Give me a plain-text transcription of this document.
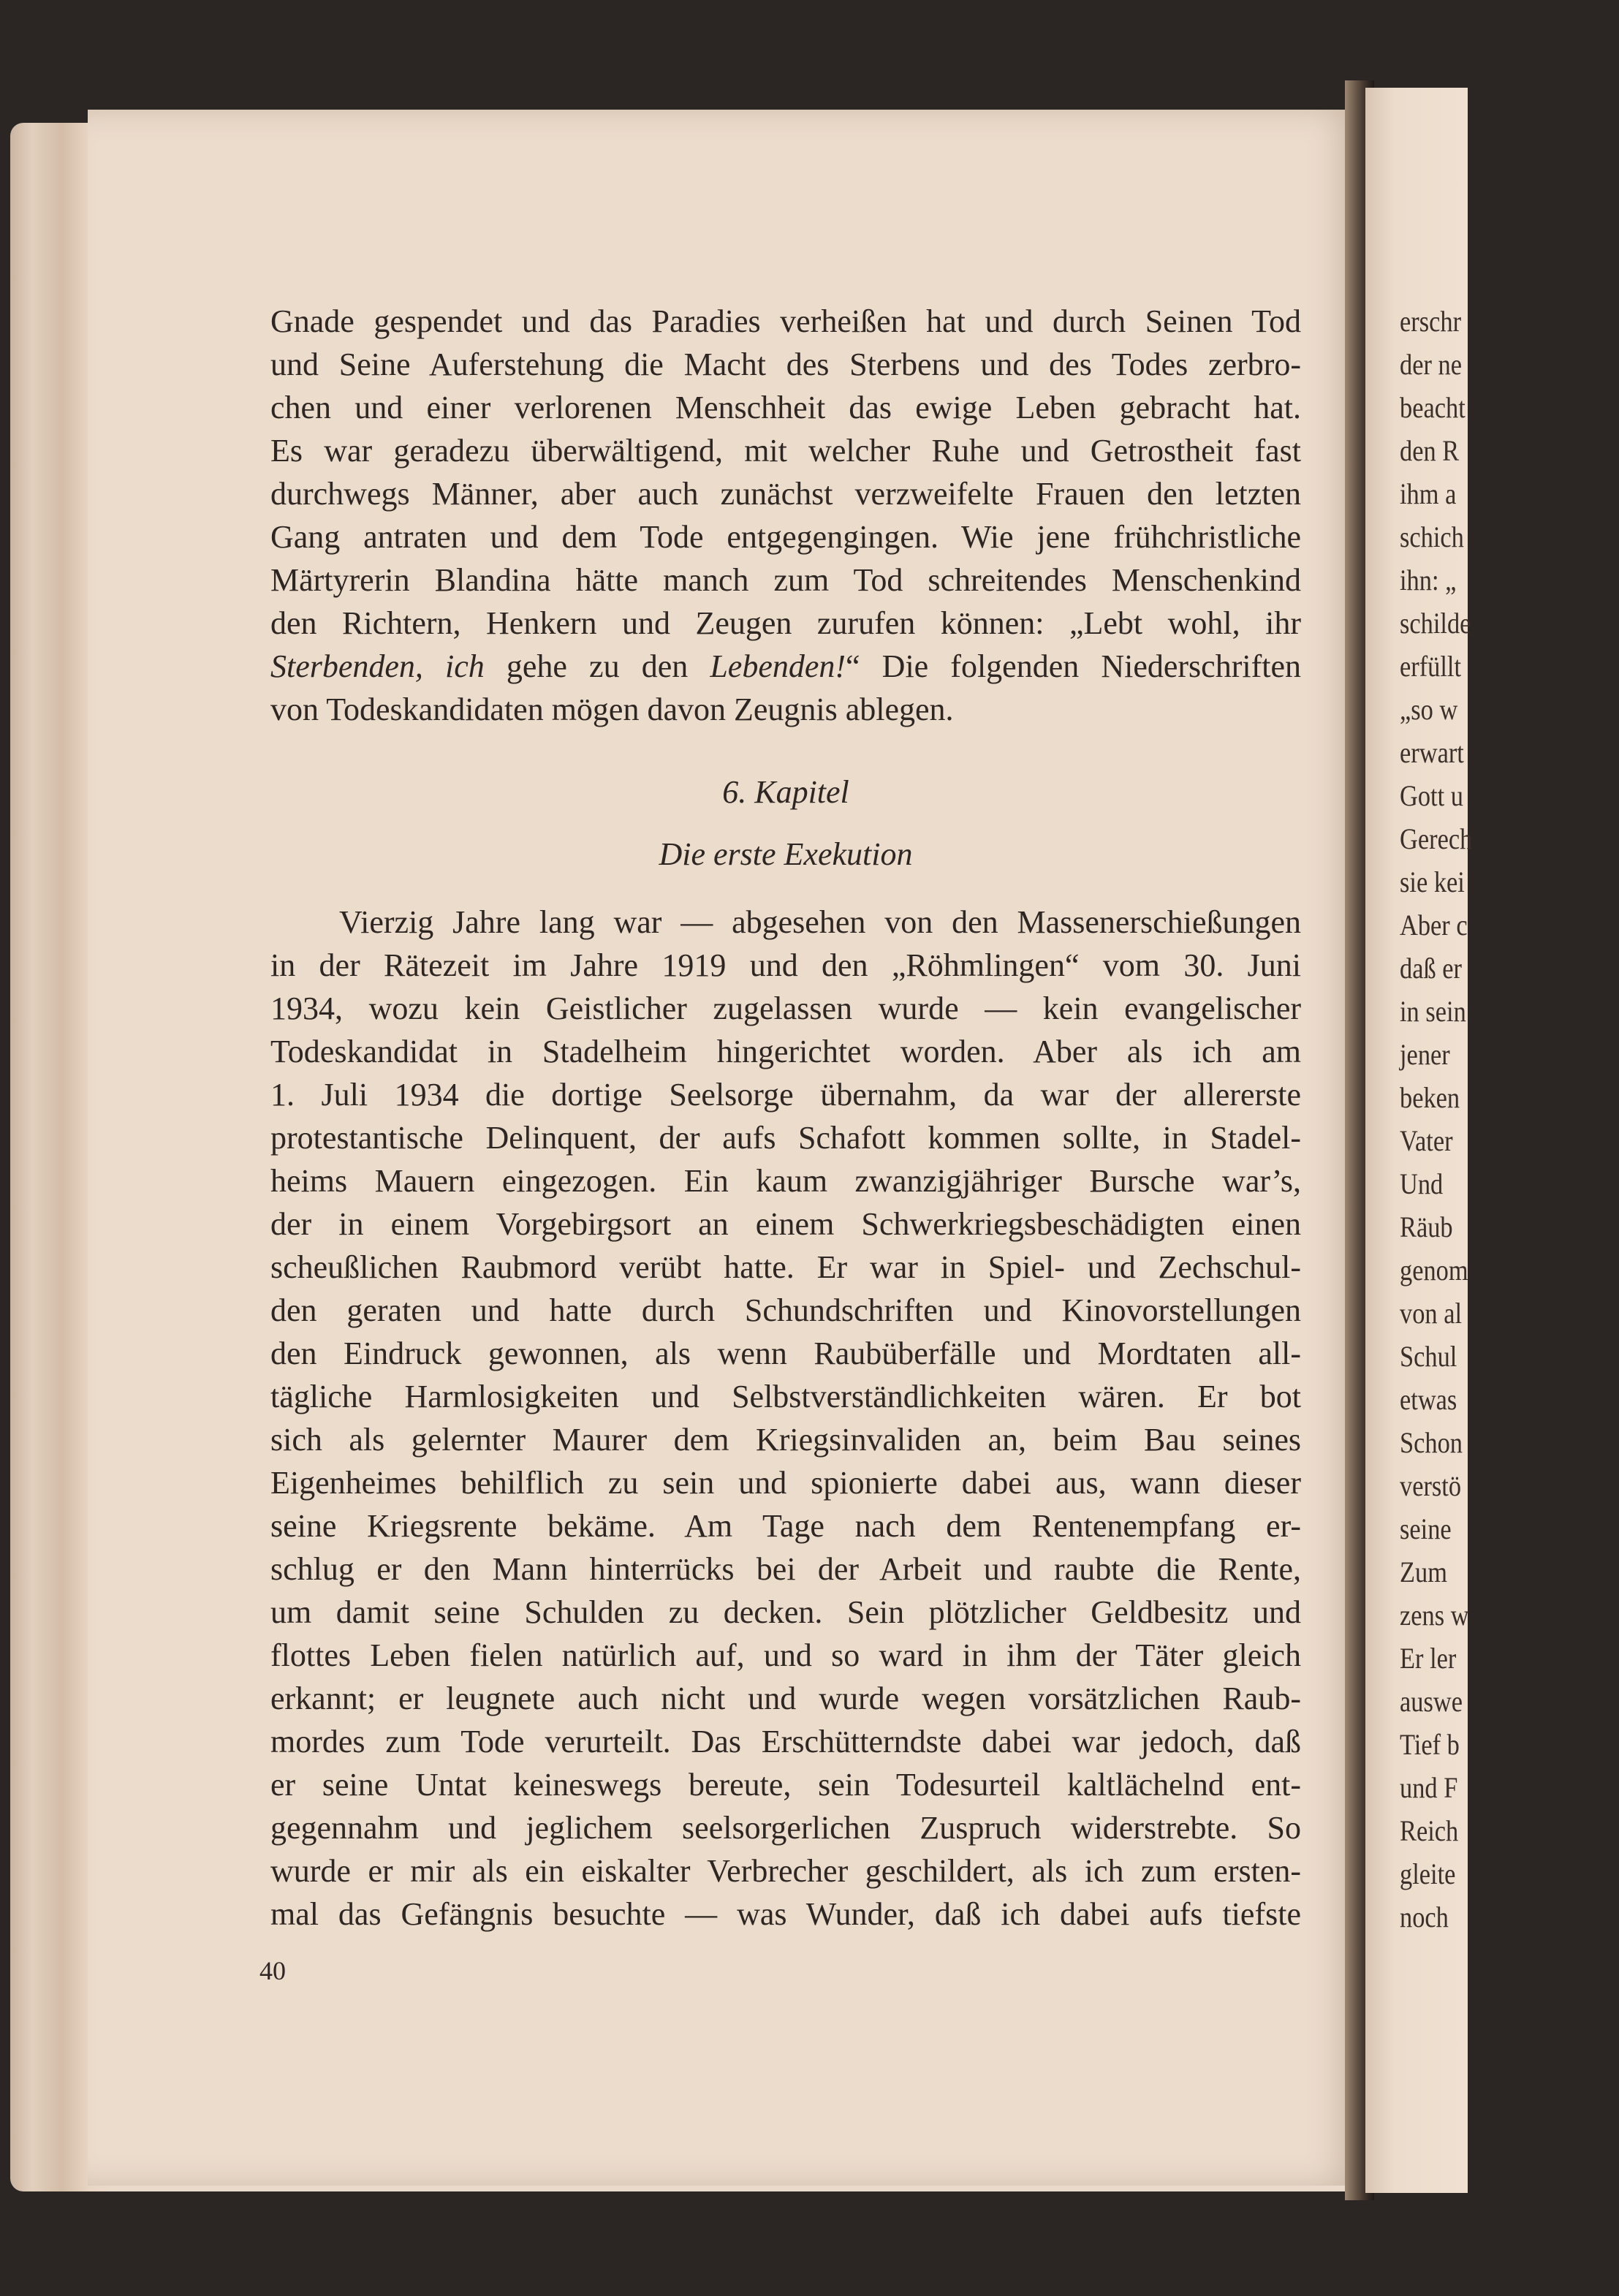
erschr
der ne
beacht
den R
ihm a
schich
ihn: „
schilde
erfüllt
„so w
erwart
Gott u
Gerech
sie kei
Aber c
daß er
in sein
jener
beken
Vater
Und
Räub
genom
von al
Schul
etwas
Schon
verstö
seine
Zum
zens w
Er ler
auswe
Tief b
und F
Reich
gleite
noch
Gnade gespendet und das Paradies verheißen hat und durch Seinen Tod
und Seine Auferstehung die Macht des Sterbens und des Todes zerbro-
chen und einer verlorenen Menschheit das ewige Leben gebracht hat.
Es war geradezu überwältigend, mit welcher Ruhe und Getrostheit fast
durchwegs Männer, aber auch zunächst verzweifelte Frauen den letzten
Gang antraten und dem Tode entgegengingen. Wie jene frühchristliche
Märtyrerin Blandina hätte manch zum Tod schreitendes Menschenkind
den Richtern, Henkern und Zeugen zurufen können: „Lebt wohl, ihr
Sterbenden, ich gehe zu den Lebenden!“ Die folgenden Niederschriften
von Todeskandidaten mögen davon Zeugnis ablegen.
6. Kapitel
Die erste Exekution
Vierzig Jahre lang war — abgesehen von den Massenerschießungen
in der Rätezeit im Jahre 1919 und den „Röhmlingen“ vom 30. Juni
1934, wozu kein Geistlicher zugelassen wurde — kein evangelischer
Todeskandidat in Stadelheim hingerichtet worden. Aber als ich am
1. Juli 1934 die dortige Seelsorge übernahm, da war der allererste
protestantische Delinquent, der aufs Schafott kommen sollte, in Stadel-
heims Mauern eingezogen. Ein kaum zwanzigjähriger Bursche war’s,
der in einem Vorgebirgsort an einem Schwerkriegsbeschädigten einen
scheußlichen Raubmord verübt hatte. Er war in Spiel- und Zechschul-
den geraten und hatte durch Schundschriften und Kinovorstellungen
den Eindruck gewonnen, als wenn Raubüberfälle und Mordtaten all-
tägliche Harmlosigkeiten und Selbstverständlichkeiten wären. Er bot
sich als gelernter Maurer dem Kriegsinvaliden an, beim Bau seines
Eigenheimes behilflich zu sein und spionierte dabei aus, wann dieser
seine Kriegsrente bekäme. Am Tage nach dem Rentenempfang er-
schlug er den Mann hinterrücks bei der Arbeit und raubte die Rente,
um damit seine Schulden zu decken. Sein plötzlicher Geldbesitz und
flottes Leben fielen natürlich auf, und so ward in ihm der Täter gleich
erkannt; er leugnete auch nicht und wurde wegen vorsätzlichen Raub-
mordes zum Tode verurteilt. Das Erschütterndste dabei war jedoch, daß
er seine Untat keineswegs bereute, sein Todesurteil kaltlächelnd ent-
gegennahm und jeglichem seelsorgerlichen Zuspruch widerstrebte. So
wurde er mir als ein eiskalter Verbrecher geschildert, als ich zum ersten-
mal das Gefängnis besuchte — was Wunder, daß ich dabei aufs tiefste
40
